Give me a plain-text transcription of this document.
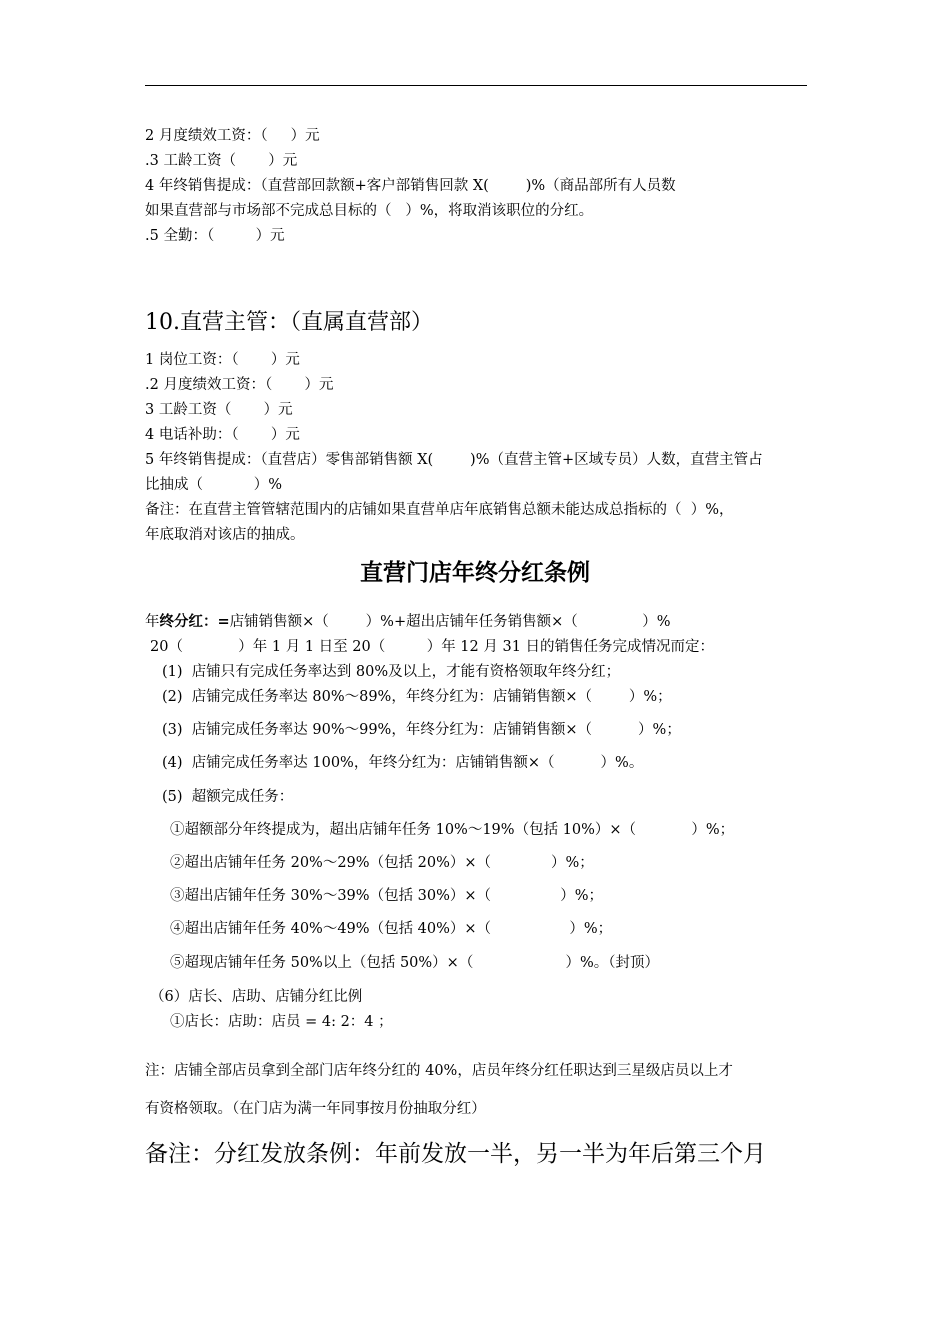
2 月度绩效工资：（     ）元
.3 工龄工资（       ）元
4 年终销售提成：（直营部回款额+客户部销售回款 X(        )%（商品部所有人员数
如果直营部与市场部不完成总目标的（   ）%，将取消该职位的分红。
.5 全勤：（         ）元
10.直营主管：（直属直营部）
1 岗位工资：（       ）元
.2 月度绩效工资：（       ）元
3 工龄工资（       ）元
4 电话补助：（       ）元
5 年终销售提成：（直营店）零售部销售额 X(        )%（直营主管+区域专员）人数，直营主管占
比抽成（           ）%
备注：在直营主管管辖范围内的店铺如果直营单店年底销售总额未能达成总指标的（  ）%，
年底取消对该店的抽成。
直营门店年终分红条例
年终分红：=店铺销售额×（        ）%+超出店铺年任务销售额×（              ）%
20（            ）年 1 月 1 日至 20（         ）年 12 月 31 日的销售任务完成情况而定：
(1)  店铺只有完成任务率达到 80%及以上，才能有资格领取年终分红；
(2)  店铺完成任务率达 80%～89%，年终分红为：店铺销售额×（        ）%；
(3)  店铺完成任务率达 90%～99%，年终分红为：店铺销售额×（          ）%；
(4)  店铺完成任务率达 100%，年终分红为：店铺销售额×（          ）%。
(5)  超额完成任务：
①超额部分年终提成为，超出店铺年任务 10%～19%（包括 10%）×（            ）%；
②超出店铺年任务 20%～29%（包括 20%）×（             ）%；
③超出店铺年任务 30%～39%（包括 30%）×（               ）%；
④超出店铺年任务 40%～49%（包括 40%）×（                 ）%；
⑤超现店铺年任务 50%以上（包括 50%）×（                    ）%。（封顶）
（6）店长、店助、店铺分红比例
①店长：店助：店员 = 4: 2：4 ；
注：店铺全部店员拿到全部门店年终分红的 40%，店员年终分红任职达到三星级店员以上才
有资格领取。（在门店为满一年同事按月份抽取分红）
备注：分红发放条例：年前发放一半，另一半为年后第三个月
